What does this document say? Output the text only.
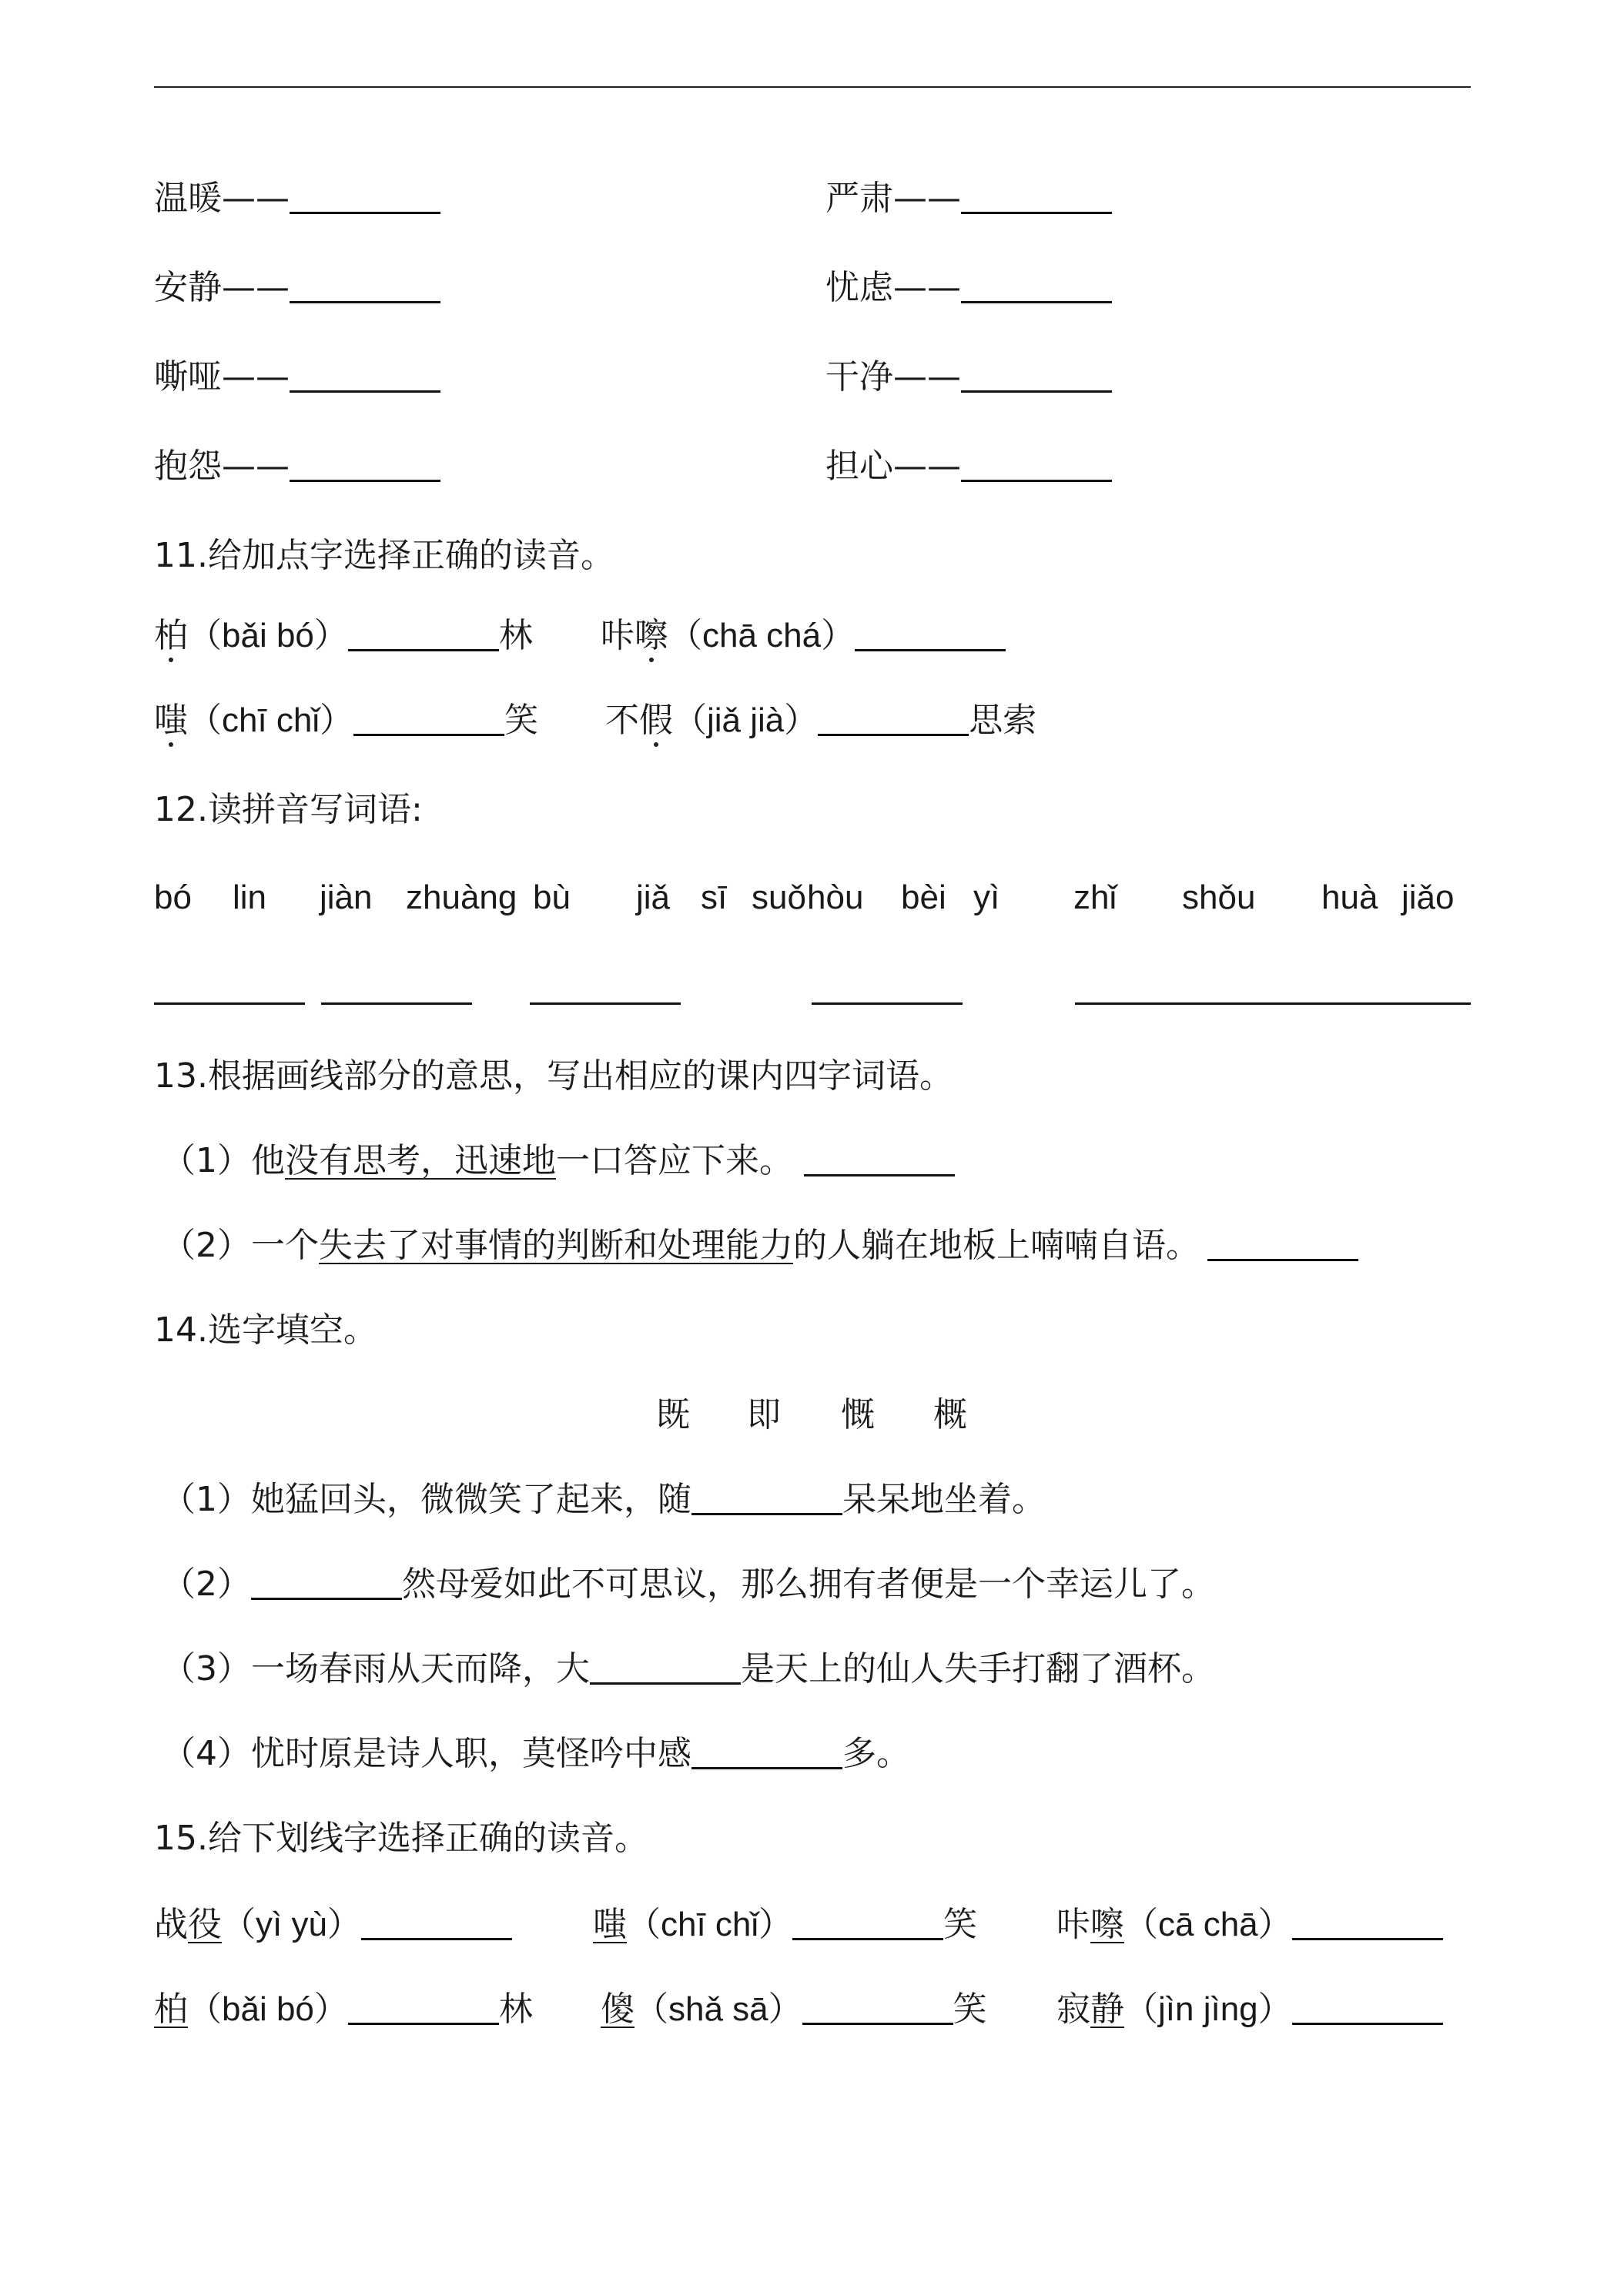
温暖——	严肃——
安静——	忧虑——
嘶哑——	干净——
抱怨——	担心——
11.给加点字选择正确的读音。
柏（bǎi bó）	林 咔嚓（chā chá）
嗤（chī chǐ）	笑 不假（jiǎ jià）	思索
12.读拼音写词语:
bó lin jiàn zhuàng bù jiǎ sī suǒ hòu bèi yì zhǐ shǒu huà jiǎo
13.根据画线部分的意思，写出相应的课内四字词语。
（1）他没有思考，迅速地一口答应下来。
（2）一个失去了对事情的判断和处理能力的人躺在地板上喃喃自语。
14.选字填空。
既 即 慨 概
（1）她猛回头，微微笑了起来，随	呆呆地坐着。
（2）	然母爱如此不可思议，那么拥有者便是一个幸运儿了。
（3）一场春雨从天而降，大	是天上的仙人失手打翻了酒杯。
（4）忧时原是诗人职，莫怪吟中感	多。
15.给下划线字选择正确的读音。
战役（yì yù）	嗤（chī chǐ）	笑 咔嚓（cā chā）
柏（bǎi bó）	林 傻（shǎ sā）	笑 寂静（jìn jìng）
